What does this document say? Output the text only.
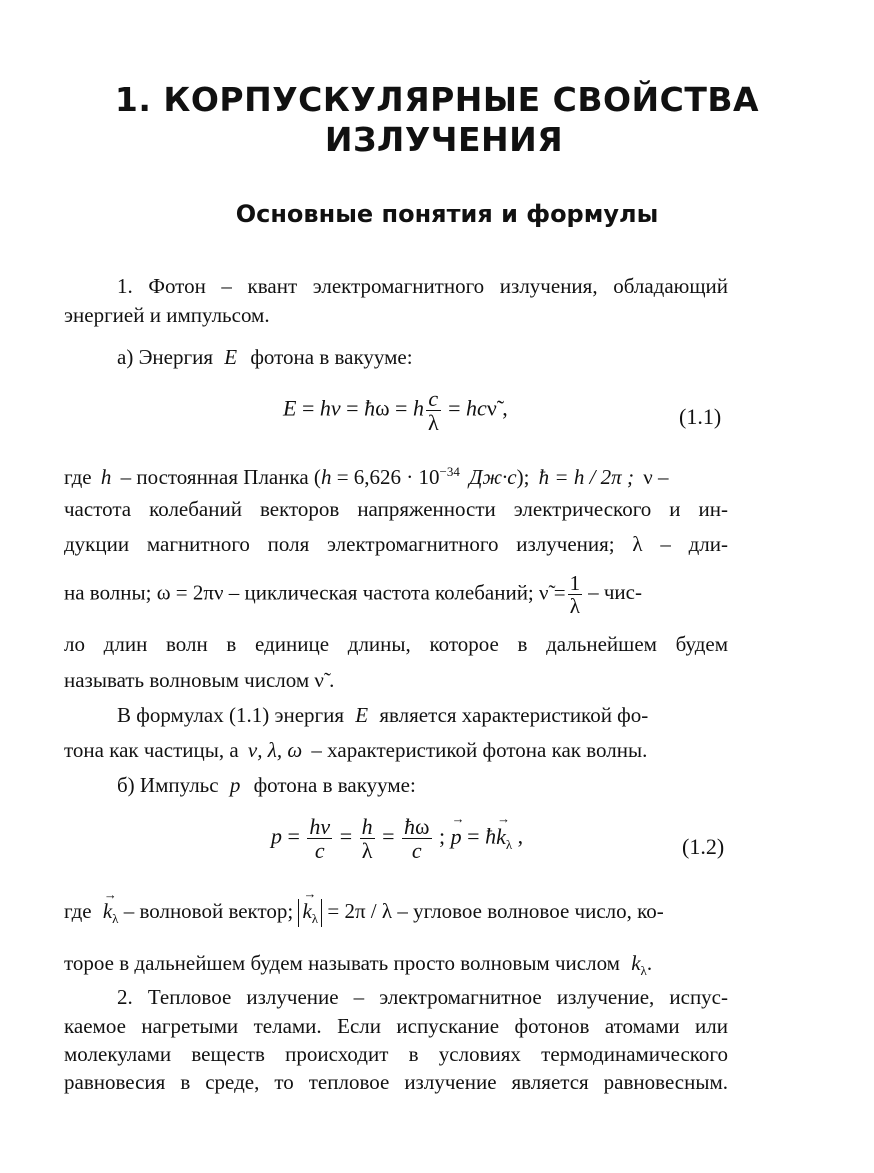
1. КОРПУСКУЛЯРНЫЕ СВОЙСТВА
ИЗЛУЧЕНИЯ
Основные понятия и формулы
1. Фотон – квант электромагнитного излучения, обладающий
энергией и импульсом.
а) Энергия E фотона в вакууме:
E = hν = ħω = h $\frac{c}{\lambda}$ = hcν̃ ,	(1.1)
где h – постоянная Планка ($h = 6,626 \cdot 10^{-34}$ Дж·с); ħ = h / 2π ; ν –
частота колебаний векторов напряженности электрического и ин-
дукции магнитного поля электромагнитного излучения; λ – дли-
на волны; ω = 2πν – циклическая частота колебаний; ν̃ = $\frac{1}{\lambda} - чис-$
ло длин волн в единице длины, которое в дальнейшем будем
называть волновым числом ν̃ .
В формулах (1.1) энергия E является характеристикой фо-
тона как частицы, а ν, λ, ω – характеристикой фотона как волны.
б) Импульс p фотона в вакууме:
$p = \frac{h\nu}{c} = \frac{h}{\lambda} = \frac{ħ\omega}{c}$ ; → p = ħ→ $k_\lambda$ ,	(1.2)
где → $k_\lambda$ – волновой вектор; → $k_\lambda = 2\pi / \lambda$ – угловое волновое число, ко-
торое в дальнейшем будем называть просто волновым числом $k_\lambda$.
2. Тепловое излучение – электромагнитное излучение, испус-
каемое нагретыми телами. Если испускание фотонов атомами или
молекулами веществ происходит в условиях термодинамического
равновесия в среде, то тепловое излучение является равновесным.
